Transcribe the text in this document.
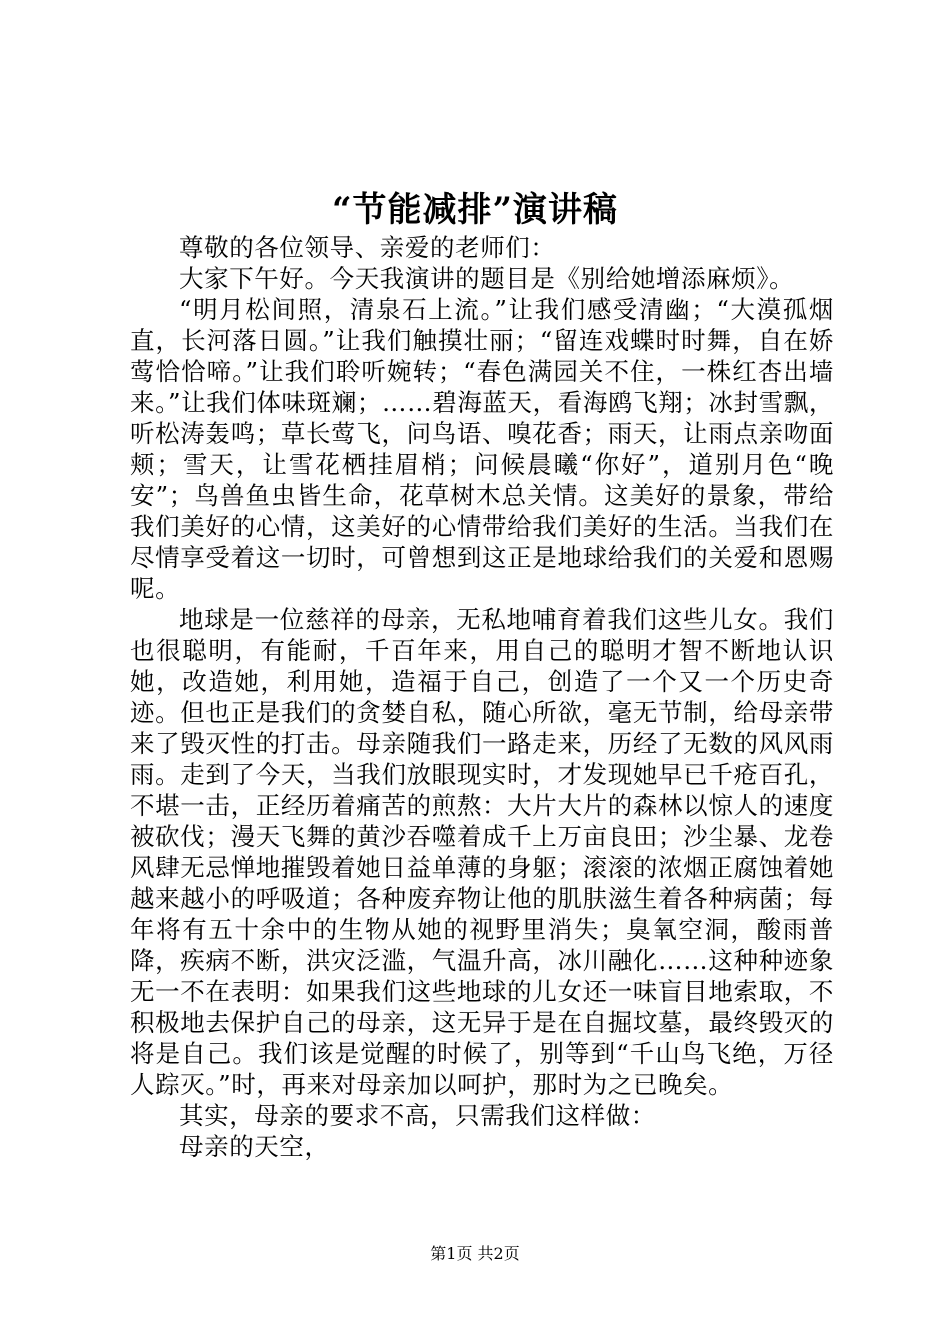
“节能减排”演讲稿

尊敬的各位领导、亲爱的老师们：

大家下午好。今天我演讲的题目是《别给她增添麻烦》。

“明月松间照，清泉石上流。”让我们感受清幽；“大漠孤烟直，长河落日圆。”让我们触摸壮丽；“留连戏蝶时时舞，自在娇莺恰恰啼。”让我们聆听婉转；“春色满园关不住，一株红杏出墙来。”让我们体味斑斓；……碧海蓝天，看海鸥飞翔；冰封雪飘，听松涛轰鸣；草长莺飞，问鸟语、嗅花香；雨天，让雨点亲吻面颊；雪天，让雪花栖挂眉梢；问候晨曦“你好”，道别月色“晚安”；鸟兽鱼虫皆生命，花草树木总关情。这美好的景象，带给我们美好的心情，这美好的心情带给我们美好的生活。当我们在尽情享受着这一切时，可曾想到这正是地球给我们的关爱和恩赐呢。

地球是一位慈祥的母亲，无私地哺育着我们这些儿女。我们也很聪明，有能耐，千百年来，用自己的聪明才智不断地认识她，改造她，利用她，造福于自己，创造了一个又一个历史奇迹。但也正是我们的贪婪自私，随心所欲，毫无节制，给母亲带来了毁灭性的打击。母亲随我们一路走来，历经了无数的风风雨雨。走到了今天，当我们放眼现实时，才发现她早已千疮百孔，不堪一击，正经历着痛苦的煎熬：大片大片的森林以惊人的速度被砍伐；漫天飞舞的黄沙吞噬着成千上万亩良田；沙尘暴、龙卷风肆无忌惮地摧毁着她日益单薄的身躯；滚滚的浓烟正腐蚀着她越来越小的呼吸道；各种废弃物让他的肌肤滋生着各种病菌；每年将有五十余中的生物从她的视野里消失；臭氧空洞，酸雨普降，疾病不断，洪灾泛滥，气温升高，冰川融化……这种种迹象无一不在表明：如果我们这些地球的儿女还一味盲目地索取，不积极地去保护自己的母亲，这无异于是在自掘坟墓，最终毁灭的将是自己。我们该是觉醒的时候了，别等到“千山鸟飞绝，万径人踪灭。”时，再来对母亲加以呵护，那时为之已晚矣。

其实，母亲的要求不高，只需我们这样做：

母亲的天空，

第1页 共2页
